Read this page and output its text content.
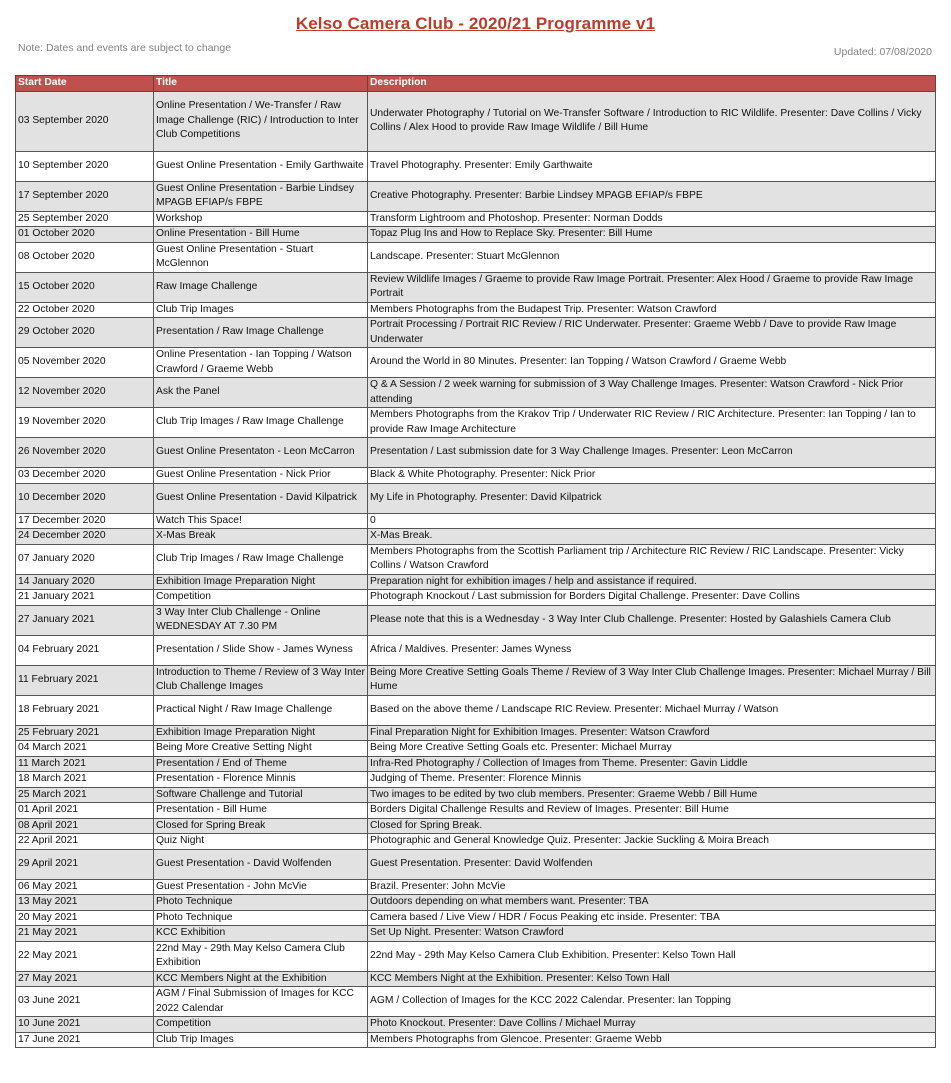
Kelso Camera Club - 2020/21 Programme v1
Note: Dates and events are subject to change	Updated: 07/08/2020
Start Date	Title	Description
03 September 2020	Online Presentation / We-Transfer / Raw Image Challenge (RIC) / Introduction to Inter Club Competitions	Underwater Photography / Tutorial on We-Transfer Software / Introduction to RIC Wildlife. Presenter: Dave Collins / Vicky Collins / Alex Hood to provide Raw Image Wildlife / Bill Hume
10 September 2020	Guest Online Presentation - Emily Garthwaite	Travel Photography. Presenter: Emily Garthwaite
17 September 2020	Guest Online Presentation - Barbie Lindsey MPAGB EFIAP/s FBPE	Creative Photography. Presenter: Barbie Lindsey MPAGB EFIAP/s FBPE
25 September 2020	Workshop	Transform Lightroom and Photoshop. Presenter: Norman Dodds
01 October 2020	Online Presentation - Bill Hume	Topaz Plug Ins and How to Replace Sky. Presenter: Bill Hume
08 October 2020	Guest Online Presentation - Stuart McGlennon	Landscape. Presenter: Stuart McGlennon
15 October 2020	Raw Image Challenge	Review Wildlife Images / Graeme to provide Raw Image Portrait. Presenter: Alex Hood / Graeme to provide Raw Image Portrait
22 October 2020	Club Trip Images	Members Photographs from the Budapest Trip. Presenter: Watson Crawford
29 October 2020	Presentation / Raw Image Challenge	Portrait Processing / Portrait RIC Review / RIC Underwater. Presenter: Graeme Webb / Dave to provide Raw Image Underwater
05 November 2020	Online Presentation - Ian Topping / Watson Crawford / Graeme Webb	Around the World in 80 Minutes. Presenter: Ian Topping / Watson Crawford / Graeme Webb
12 November 2020	Ask the Panel	Q & A Session / 2 week warning for submission of 3 Way Challenge Images. Presenter: Watson Crawford - Nick Prior attending
19 November 2020	Club Trip Images / Raw Image Challenge	Members Photographs from the Krakov Trip / Underwater RIC Review / RIC Architecture. Presenter: Ian Topping / Ian to provide Raw Image Architecture
26 November 2020	Guest Online Presentaton - Leon McCarron	Presentation / Last submission date for 3 Way Challenge Images. Presenter: Leon McCarron
03 December 2020	Guest Online Presentation - Nick Prior	Black & White Photography. Presenter: Nick Prior
10 December 2020	Guest Online Presentation - David Kilpatrick	My Life in Photography. Presenter: David Kilpatrick
17 December 2020	Watch This Space!	0
24 December 2020	X-Mas Break	X-Mas Break.
07 January 2020	Club Trip Images / Raw Image Challenge	Members Photographs from the Scottish Parliament trip / Architecture RIC Review / RIC Landscape. Presenter: Vicky Collins / Watson Crawford
14 January 2020	Exhibition Image Preparation Night	Preparation night for exhibition images / help and assistance if required.
21 January 2021	Competition	Photograph Knockout / Last submission for Borders Digital Challenge. Presenter: Dave Collins
27 January 2021	3 Way Inter Club Challenge - Online WEDNESDAY AT 7.30 PM	Please note that this is a Wednesday - 3 Way Inter Club Challenge. Presenter: Hosted by Galashiels Camera Club
04 February 2021	Presentation / Slide Show - James Wyness	Africa / Maldives. Presenter: James Wyness
11 February 2021	Introduction to Theme / Review of 3 Way Inter Club Challenge Images	Being More Creative Setting Goals Theme / Review of 3 Way Inter Club Challenge Images. Presenter: Michael Murray / Bill Hume
18 February 2021	Practical Night / Raw Image Challenge	Based on the above theme / Landscape RIC Review. Presenter: Michael Murray / Watson
25 February 2021	Exhibition Image Preparation Night	Final Preparation Night for Exhibition Images. Presenter: Watson Crawford
04 March 2021	Being More Creative Setting Night	Being More Creative Setting Goals etc. Presenter: Michael Murray
11 March 2021	Presentation / End of Theme	Infra-Red Photography / Collection of Images from Theme. Presenter: Gavin Liddle
18 March 2021	Presentation - Florence Minnis	Judging of Theme. Presenter: Florence Minnis
25 March 2021	Software Challenge and Tutorial	Two images to be edited by two club members. Presenter: Graeme Webb / Bill Hume
01 April 2021	Presentation - Bill Hume	Borders Digital Challenge Results and Review of Images. Presenter: Bill Hume
08 April 2021	Closed for Spring Break	Closed for Spring Break.
22 April 2021	Quiz Night	Photographic and General Knowledge Quiz. Presenter: Jackie Suckling & Moira Breach
29 April 2021	Guest Presentation - David Wolfenden	Guest Presentation. Presenter: David Wolfenden
06 May 2021	Guest Presentation - John McVie	Brazil. Presenter: John McVie
13 May 2021	Photo Technique	Outdoors depending on what members want. Presenter: TBA
20 May 2021	Photo Technique	Camera based / Live View / HDR / Focus Peaking etc inside. Presenter: TBA
21 May 2021	KCC Exhibition	Set Up Night. Presenter: Watson Crawford
22 May 2021	22nd May - 29th May Kelso Camera Club Exhibition	22nd May - 29th May Kelso Camera Club Exhibition. Presenter: Kelso Town Hall
27 May 2021	KCC Members Night at the Exhibition	KCC Members Night at the Exhibition. Presenter: Kelso Town Hall
03 June 2021	AGM / Final Submission of Images for KCC 2022 Calendar	AGM / Collection of Images for the KCC 2022 Calendar. Presenter: Ian Topping
10 June 2021	Competition	Photo Knockout. Presenter: Dave Collins / Michael Murray
17 June 2021	Club Trip Images	Members Photographs from Glencoe. Presenter: Graeme Webb
